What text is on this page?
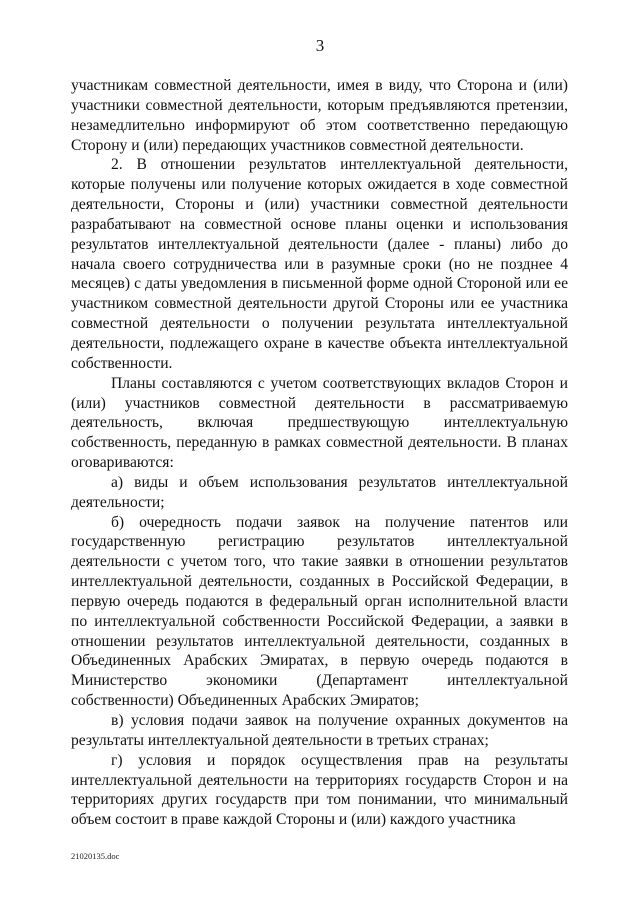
3

участникам совместной деятельности, имея в виду, что Сторона и (или) участники совместной деятельности, которым предъявляются претензии, незамедлительно информируют об этом соответственно передающую Сторону и (или) передающих участников совместной деятельности.

2. В отношении результатов интеллектуальной деятельности, которые получены или получение которых ожидается в ходе совместной деятельности, Стороны и (или) участники совместной деятельности разрабатывают на совместной основе планы оценки и использования результатов интеллектуальной деятельности (далее - планы) либо до начала своего сотрудничества или в разумные сроки (но не позднее 4 месяцев) с даты уведомления в письменной форме одной Стороной или ее участником совместной деятельности другой Стороны или ее участника совместной деятельности о получении результата интеллектуальной деятельности, подлежащего охране в качестве объекта интеллектуальной собственности.

Планы составляются с учетом соответствующих вкладов Сторон и (или) участников совместной деятельности в рассматриваемую деятельность, включая предшествующую интеллектуальную собственность, переданную в рамках совместной деятельности. В планах оговариваются:

а) виды и объем использования результатов интеллектуальной деятельности;

б) очередность подачи заявок на получение патентов или государственную регистрацию результатов интеллектуальной деятельности с учетом того, что такие заявки в отношении результатов интеллектуальной деятельности, созданных в Российской Федерации, в первую очередь подаются в федеральный орган исполнительной власти по интеллектуальной собственности Российской Федерации, а заявки в отношении результатов интеллектуальной деятельности, созданных в Объединенных Арабских Эмиратах, в первую очередь подаются в Министерство экономики (Департамент интеллектуальной собственности) Объединенных Арабских Эмиратов;

в) условия подачи заявок на получение охранных документов на результаты интеллектуальной деятельности в третьих странах;

г) условия и порядок осуществления прав на результаты интеллектуальной деятельности на территориях государств Сторон и на территориях других государств при том понимании, что минимальный объем состоит в праве каждой Стороны и (или) каждого участника

21020135.doc
